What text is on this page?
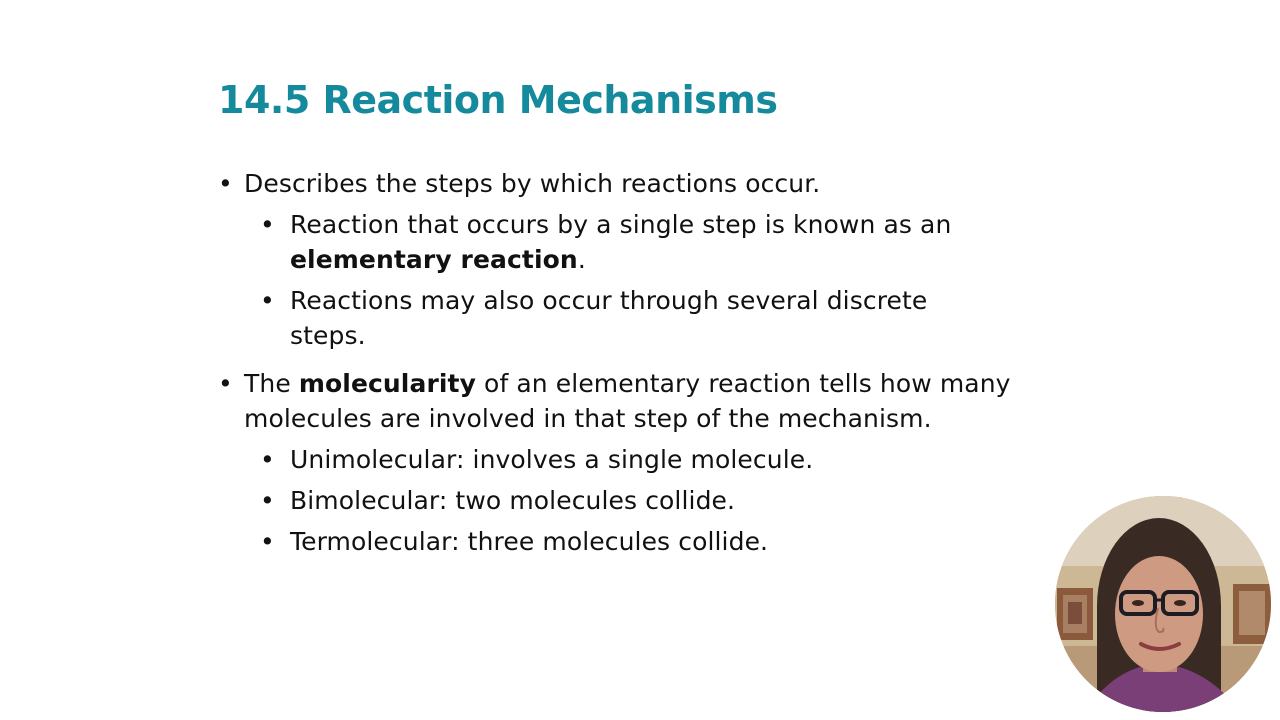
14.5 Reaction Mechanisms
• Describes the steps by which reactions occur.
• Reaction that occurs by a single step is known as an
elementary reaction.
• Reactions may also occur through several discrete
steps.
• The molecularity of an elementary reaction tells how many
molecules are involved in that step of the mechanism.
• Unimolecular: involves a single molecule.
• Bimolecular: two molecules collide.
• Termolecular: three molecules collide.
